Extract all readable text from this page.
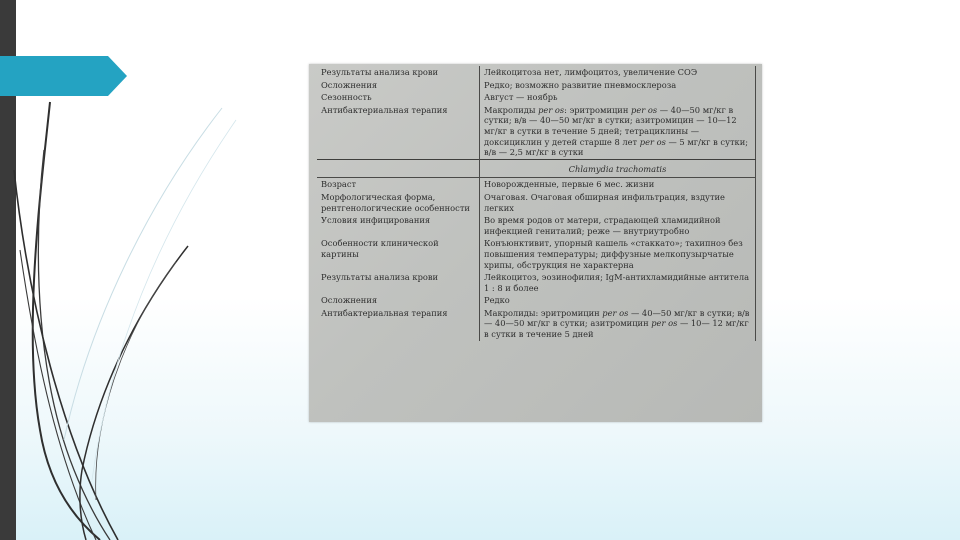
Результаты анализа крови	Лейкоцитоза нет, лимфоцитоз, увеличение СОЭ
Осложнения	Редко; возможно развитие пневмосклероза
Сезонность	Август — ноябрь
Антибактериальная терапия	Макролиды per os: эритромицин per os — 40—50 мг/кг в сутки; в/в — 40—50 мг/кг в сутки; азитромицин — 10—12 мг/кг в сутки в течение 5 дней; тетрациклины — доксициклин у детей старше 8 лет per os — 5 мг/кг в сутки; в/в — 2,5 мг/кг в сутки
	Chlamydia trachomatis
Возраст	Новорожденные, первые 6 мес. жизни
Морфологическая форма, рентгенологические особенности	Очаговая. Очаговая обширная инфильтрация, вздутие легких
Условия инфицирования	Во время родов от матери, страдающей хламидийной инфекцией гениталий; реже — внутриутробно
Особенности клинической картины	Конъюнктивит, упорный кашель «стаккато»; тахипноэ без повышения температуры; диффузные мелкопузырчатые хрипы, обструкция не характерна
Результаты анализа крови	Лейкоцитоз, эозинофилия; IgM-антихламидийные антитела 1 : 8 и более
Осложнения	Редко
Антибактериальная терапия	Макролиды: эритромицин per os — 40—50 мг/кг в сутки; в/в — 40—50 мг/кг в сутки; азитромицин per os — 10— 12 мг/кг в сутки в течение 5 дней
